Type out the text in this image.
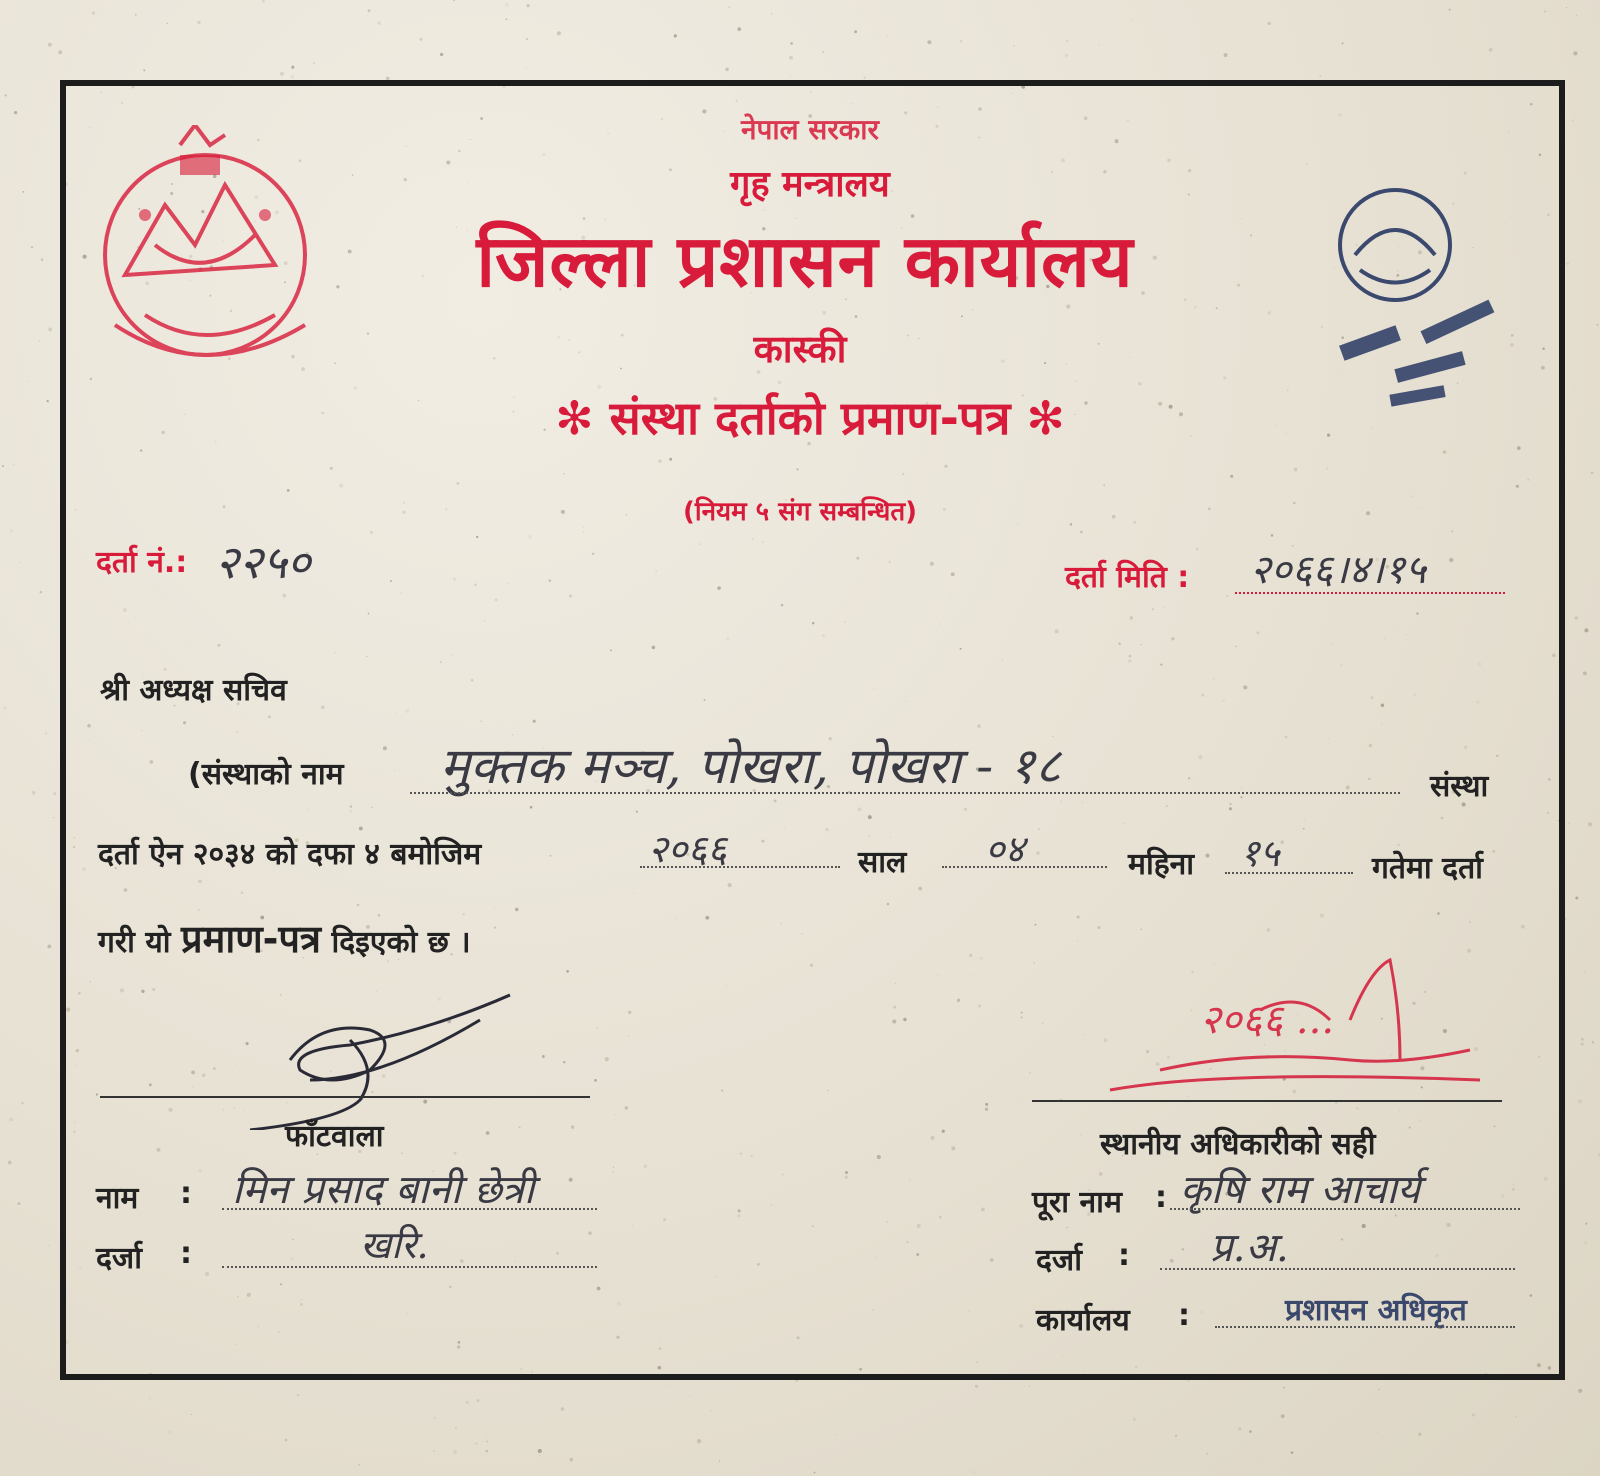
नेपाल सरकार
गृह मन्त्रालय
जिल्ला प्रशासन कार्यालय
कास्की
✻ संस्था दर्ताको प्रमाण-पत्र ✻
(नियम ५ संग सम्बन्धित)
दर्ता नं.: २२५०	दर्ता मिति : २०६६।४।१५
श्री अध्यक्ष सचिव
(संस्थाको नाम मुक्तक मञ्च, पोखरा, पोखरा - १८	संस्था
दर्ता ऐन २०३४ को दफा ४ बमोजिम	२०६६	साल ०४	महिना १५	गतेमा दर्ता
गरी यो प्रमाण-पत्र दिइएको छ ।
फाँटवाला
नाम : मिन प्रसाद बानी छेत्री
दर्जा :	खरि.
२०६६ ...
स्थानीय अधिकारीको सही
पूरा नाम : कृषि राम आचार्य
दर्जा : प्र.अ.
कार्यालय :	प्रशासन अधिकृत
